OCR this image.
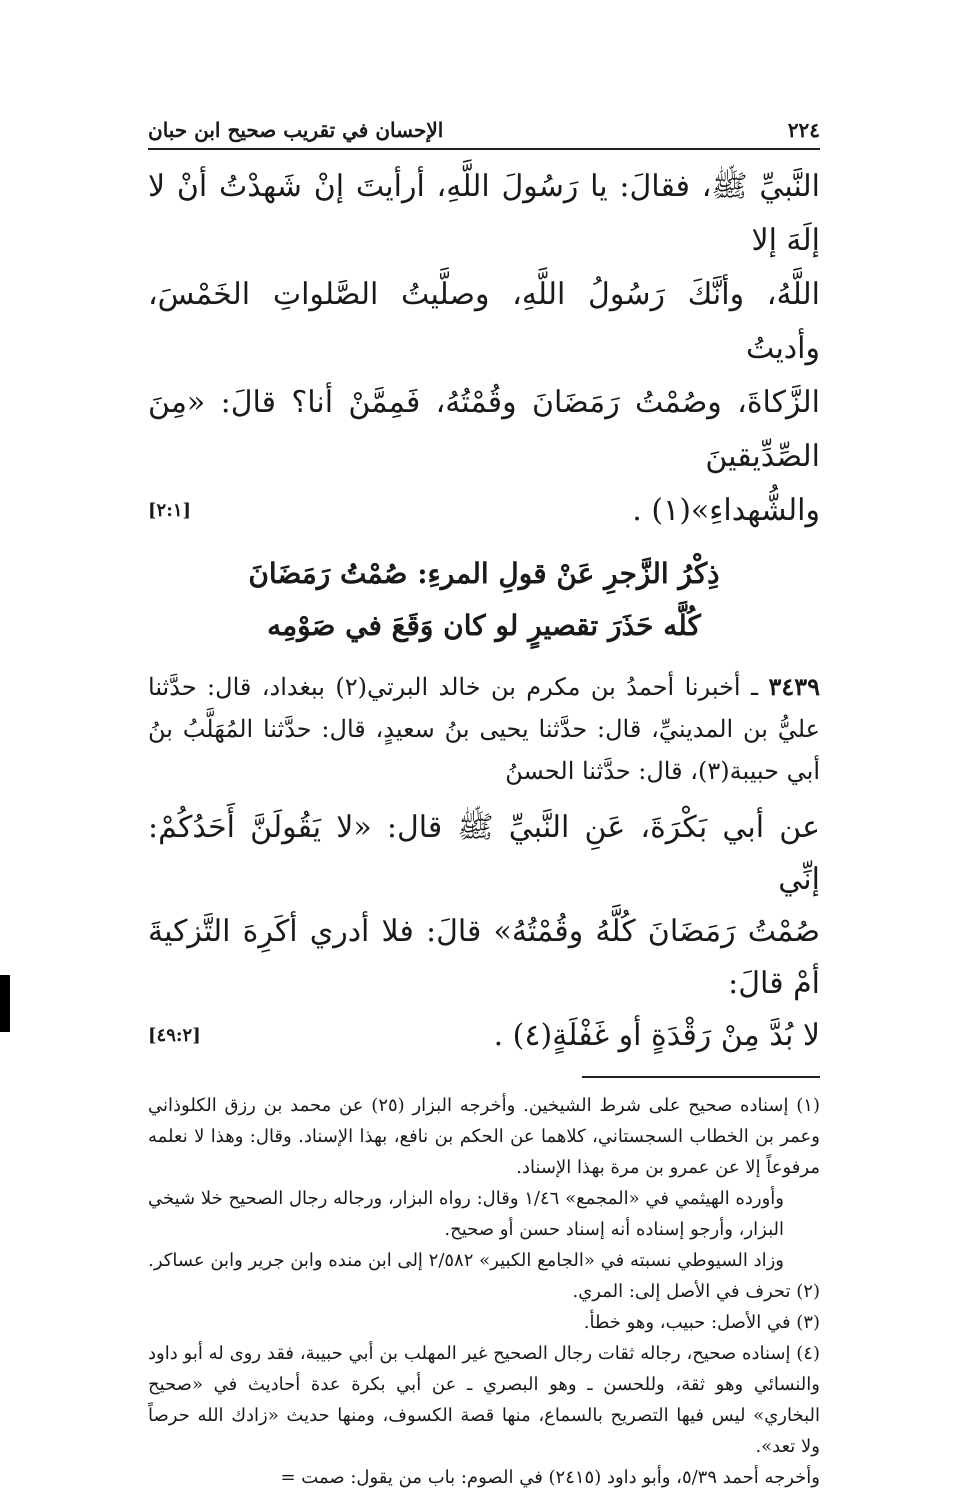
٢٢٤
الإحسان في تقريب صحيح ابن حبان
النَّبيِّ ﷺ، فقالَ: يا رَسُولَ اللَّهِ، أرأيتَ إنْ شَهدْتُ أنْ لا إلَهَ إلا
اللَّهُ، وأنَّكَ رَسُولُ اللَّهِ، وصلَّيتُ الصَّلواتِ الخَمْسَ، وأديتُ
الزَّكاةَ، وصُمْتُ رَمَضَانَ وقُمْتُهُ، فَمِمَّنْ أنا؟ قالَ: «مِنَ الصِّدِّيقينَ
والشُّهداءِ»(١) .
[٢:١]
ذِكْرُ الزَّجرِ عَنْ قولِ المرءِ: صُمْتُ رَمَضَانَ
كُلَّه حَذَرَ تقصيرٍ لو كان وَقَعَ في صَوْمِه
٣٤٣٩ ـ أخبرنا أحمدُ بن مكرم بن خالد البرتي(٢) ببغداد، قال: حدَّثنا عليُّ بن المدينيِّ، قال: حدَّثنا يحيى بنُ سعيدٍ، قال: حدَّثنا المُهَلَّبُ بنُ أبي حبيبة(٣)، قال: حدَّثنا الحسنُ
عن أبي بَكْرَةَ، عَنِ النَّبيِّ ﷺ قال: «لا يَقُولَنَّ أَحَدُكُمْ: إنِّي
صُمْتُ رَمَضَانَ كُلَّهُ وقُمْتُهُ» قالَ: فلا أدري أكَرِهَ التَّزكيةَ أمْ قالَ:
لا بُدَّ مِنْ رَقْدَةٍ أو غَفْلَةٍ(٤) .
[٤٩:٢]

(١) إسناده صحيح على شرط الشيخين. وأخرجه البزار (٢٥) عن محمد بن رزق الكلوذاني وعمر بن الخطاب السجستاني، كلاهما عن الحكم بن نافع، بهذا الإسناد. وقال: وهذا لا نعلمه مرفوعاً إلا عن عمرو بن مرة بهذا الإسناد.

وأورده الهيثمي في «المجمع» ١/٤٦ وقال: رواه البزار، ورجاله رجال الصحيح خلا شيخي البزار، وأرجو إسناده أنه إسناد حسن أو صحيح.

وزاد السيوطي نسبته في «الجامع الكبير» ٢/٥٨٢ إلى ابن منده وابن جرير وابن عساكر.

(٢) تحرف في الأصل إلى: المري.

(٣) في الأصل: حبيب، وهو خطأ.

(٤) إسناده صحيح، رجاله ثقات رجال الصحيح غير المهلب بن أبي حبيبة، فقد روى له أبو داود والنسائي وهو ثقة، وللحسن ـ وهو البصري ـ عن أبي بكرة عدة أحاديث في «صحيح البخاري» ليس فيها التصريح بالسماع، منها قصة الكسوف، ومنها حديث «زادك الله حرصاً ولا تعد».

وأخرجه أحمد ٥/٣٩، وأبو داود (٢٤١٥) في الصوم: باب من يقول: صمت =
